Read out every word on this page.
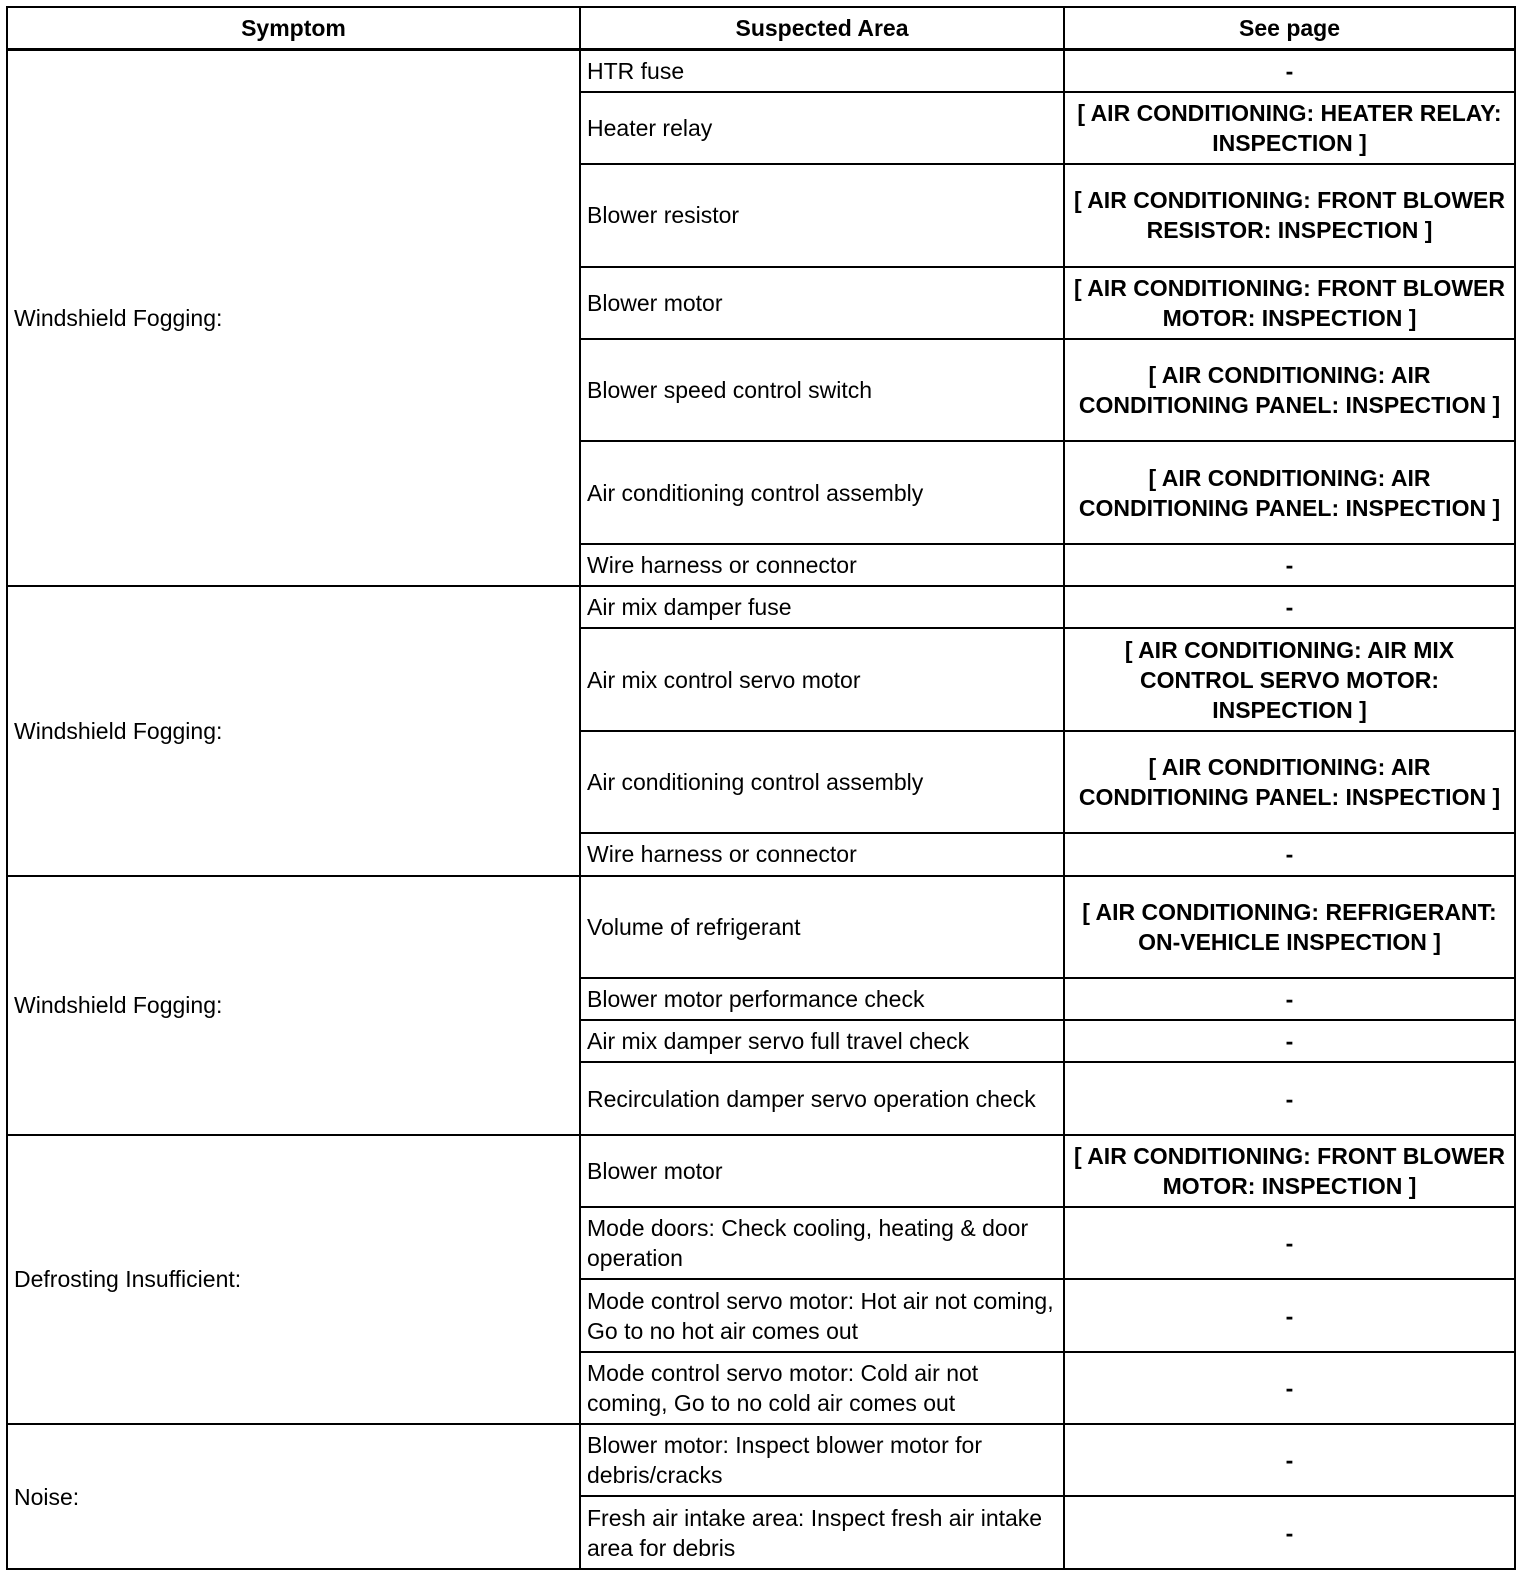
Symptom	Suspected Area	See page
Windshield Fogging:	HTR fuse	-
	Heater relay	[ AIR CONDITIONING: HEATER RELAY: INSPECTION ]
	Blower resistor	[ AIR CONDITIONING: FRONT BLOWER RESISTOR: INSPECTION ]
	Blower motor	[ AIR CONDITIONING: FRONT BLOWER MOTOR: INSPECTION ]
	Blower speed control switch	[ AIR CONDITIONING: AIR CONDITIONING PANEL: INSPECTION ]
	Air conditioning control assembly	[ AIR CONDITIONING: AIR CONDITIONING PANEL: INSPECTION ]
	Wire harness or connector	-
Windshield Fogging:	Air mix damper fuse	-
	Air mix control servo motor	[ AIR CONDITIONING: AIR MIX CONTROL SERVO MOTOR: INSPECTION ]
	Air conditioning control assembly	[ AIR CONDITIONING: AIR CONDITIONING PANEL: INSPECTION ]
	Wire harness or connector	-
Windshield Fogging:	Volume of refrigerant	[ AIR CONDITIONING: REFRIGERANT: ON-VEHICLE INSPECTION ]
	Blower motor performance check	-
	Air mix damper servo full travel check	-
	Recirculation damper servo operation check	-
Defrosting Insufficient:	Blower motor	[ AIR CONDITIONING: FRONT BLOWER MOTOR: INSPECTION ]
	Mode doors: Check cooling, heating & door operation	-
	Mode control servo motor: Hot air not coming, Go to no hot air comes out	-
	Mode control servo motor: Cold air not coming, Go to no cold air comes out	-
Noise:	Blower motor: Inspect blower motor for debris/cracks	-
	Fresh air intake area: Inspect fresh air intake area for debris	-
